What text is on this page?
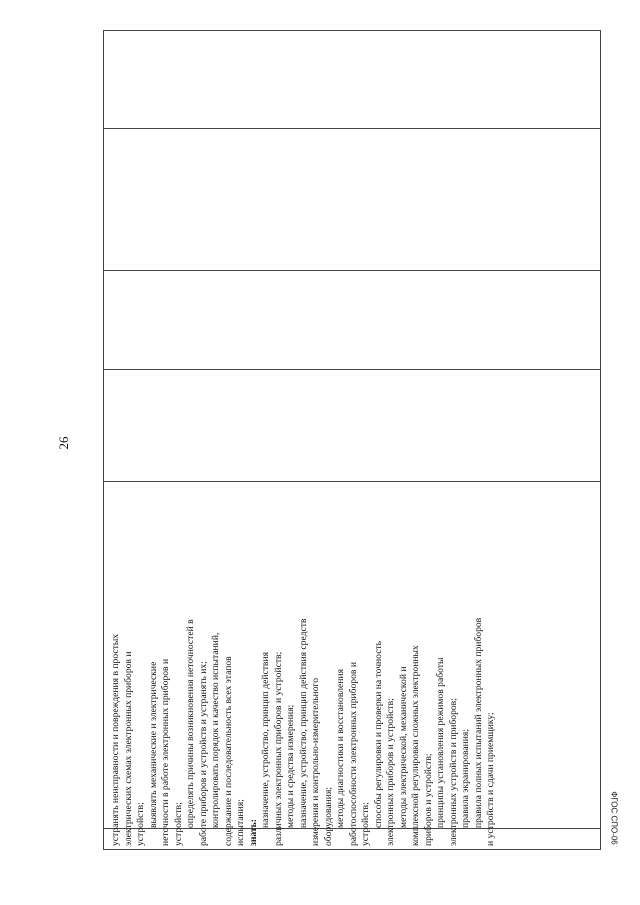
26

устранять неисправности и повреждения в простых электрических схемах электронных приборов и устройств; выявлять механические и электрические неточности в работе электронных приборов и устройств; определять причины возникновения неточностей в работе приборов и устройств и устранять их; контролировать порядок и качество испытаний, содержание и последовательность всех этапов испытания; знать:

назначение, устройство, принцип действия различных электронных приборов и устройств; методы и средства измерения; назначение, устройство, принцип действия средств измерения и контрольно-измерительного оборудования; методы диагностики и восстановления работоспособности электронных приборов и устройств; способы регулировки и проверки на точность электронных приборов и устройств; методы электрической, механической и комплексной регулировки сложных электронных приборов и устройств; принципы установления режимов работы электронных устройств и приборов; правила экранирования; правила полных испытаний электронных приборов и устройств и сдачи приемщику;	ФГОС СПО-06
